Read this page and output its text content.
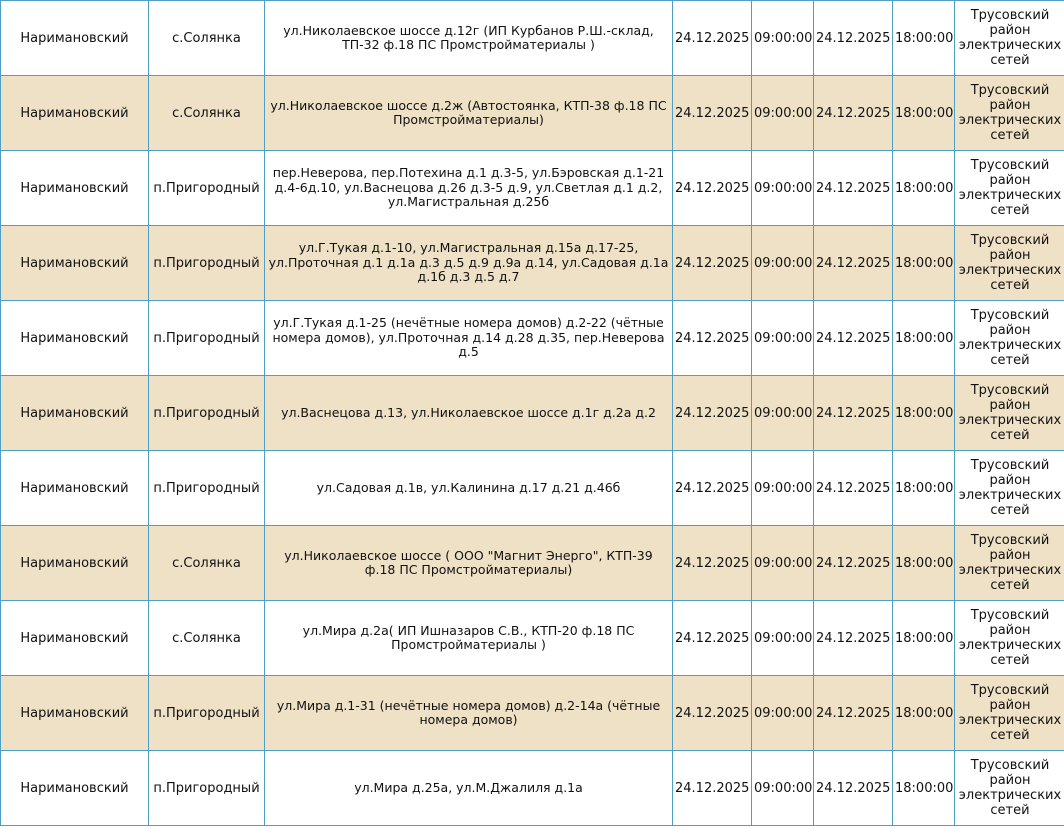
Наримановский	с.Солянка	ул.Николаевское шоссе д.12г (ИП Курбанов Р.Ш.-склад, ТП-32 ф.18 ПС Промстройматериалы )	24.12.2025	09:00:00	24.12.2025	18:00:00	Трусовский район электрических сетей
Наримановский	с.Солянка	ул.Николаевское шоссе д.2ж (Автостоянка, КТП-38 ф.18 ПС Промстройматериалы)	24.12.2025	09:00:00	24.12.2025	18:00:00	Трусовский район электрических сетей
Наримановский	п.Пригородный	пер.Неверова, пер.Потехина д.1 д.3-5, ул.Бэровская д.1-21 д.4-6д.10, ул.Васнецова д.26 д.3-5 д.9, ул.Светлая д.1 д.2, ул.Магистральная д.25б	24.12.2025	09:00:00	24.12.2025	18:00:00	Трусовский район электрических сетей
Наримановский	п.Пригородный	ул.Г.Тукая д.1-10, ул.Магистральная д.15а д.17-25, ул.Проточная д.1 д.1а д.3 д.5 д.9 д.9а д.14, ул.Садовая д.1а д.1б д.3 д.5 д.7	24.12.2025	09:00:00	24.12.2025	18:00:00	Трусовский район электрических сетей
Наримановский	п.Пригородный	ул.Г.Тукая д.1-25 (нечётные номера домов) д.2-22 (чётные номера домов), ул.Проточная д.14 д.28 д.35, пер.Неверова д.5	24.12.2025	09:00:00	24.12.2025	18:00:00	Трусовский район электрических сетей
Наримановский	п.Пригородный	ул.Васнецова д.13, ул.Николаевское шоссе д.1г д.2а д.2	24.12.2025	09:00:00	24.12.2025	18:00:00	Трусовский район электрических сетей
Наримановский	п.Пригородный	ул.Садовая д.1в, ул.Калинина д.17 д.21 д.46б	24.12.2025	09:00:00	24.12.2025	18:00:00	Трусовский район электрических сетей
Наримановский	с.Солянка	ул.Николаевское шоссе ( ООО "Магнит Энерго", КТП-39 ф.18 ПС Промстройматериалы)	24.12.2025	09:00:00	24.12.2025	18:00:00	Трусовский район электрических сетей
Наримановский	с.Солянка	ул.Мира д.2а( ИП Ишназаров С.В., КТП-20 ф.18 ПС Промстройматериалы )	24.12.2025	09:00:00	24.12.2025	18:00:00	Трусовский район электрических сетей
Наримановский	п.Пригородный	ул.Мира д.1-31 (нечётные номера домов) д.2-14а (чётные номера домов)	24.12.2025	09:00:00	24.12.2025	18:00:00	Трусовский район электрических сетей
Наримановский	п.Пригородный	ул.Мира д.25а, ул.М.Джалиля д.1а	24.12.2025	09:00:00	24.12.2025	18:00:00	Трусовский район электрических сетей
